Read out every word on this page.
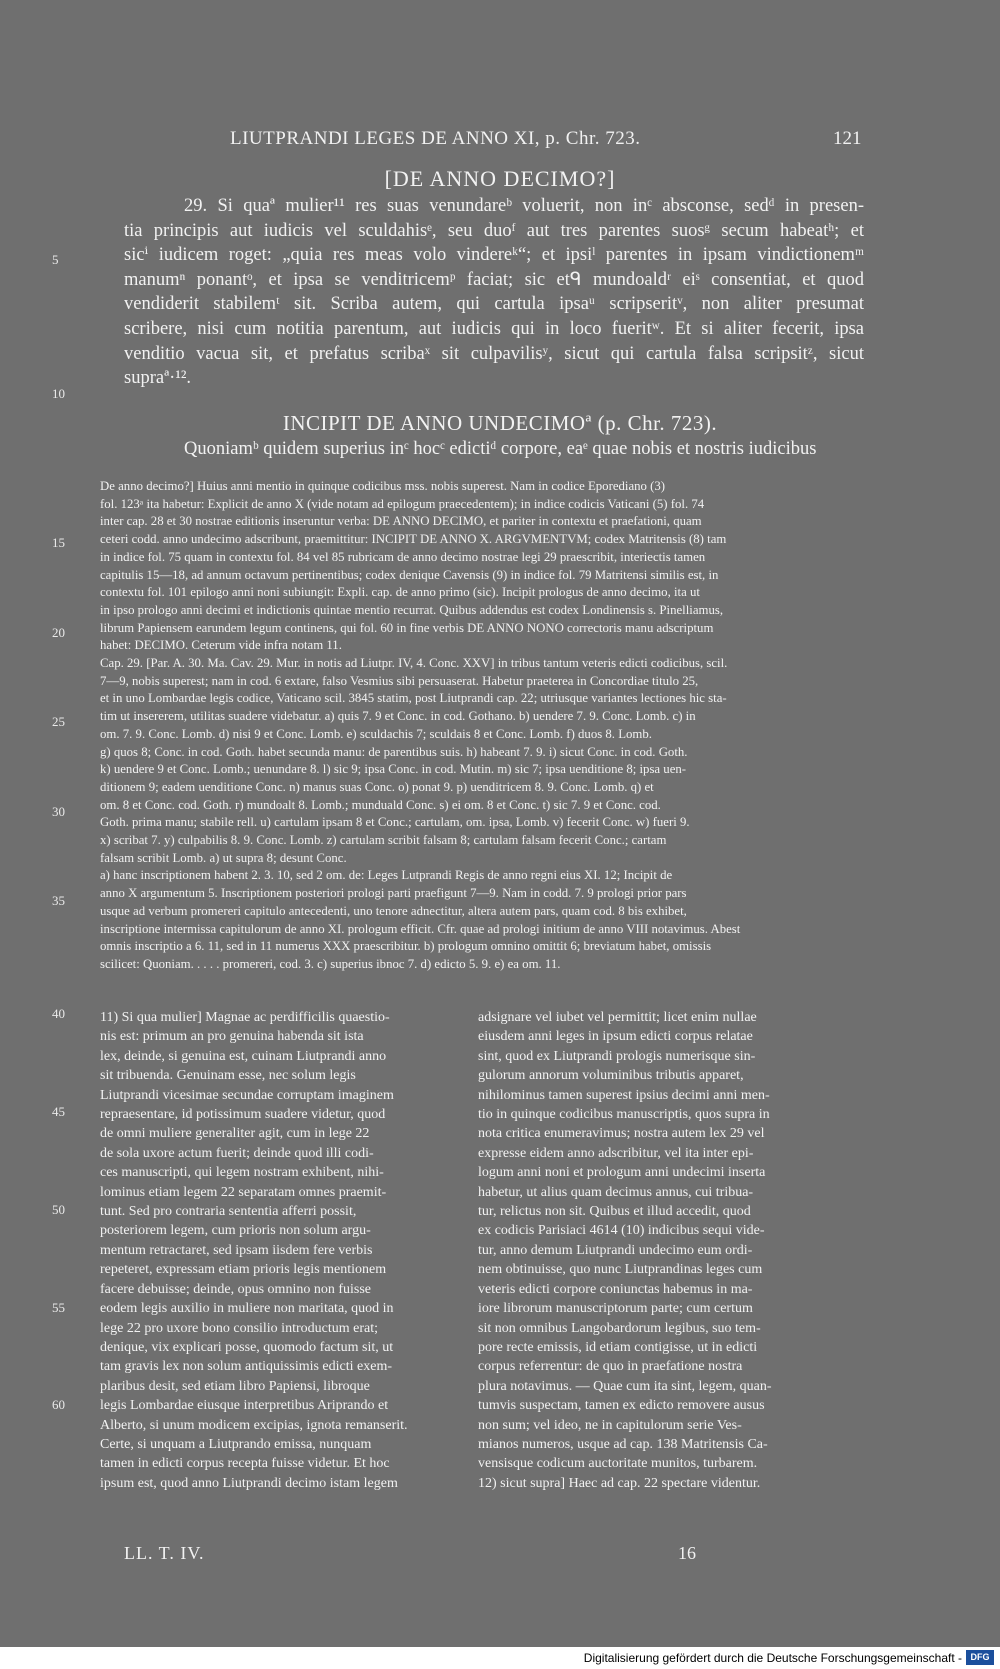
LIUTPRANDI LEGES DE ANNO XI, p. Chr. 723.	121
[DE ANNO DECIMO?]
29. Si quaª mulier¹¹ res suas venundareᵇ voluerit, non inᶜ absconse, sedᵈ in presen-
tia principis aut iudicis vel sculdahisᵉ, seu duoᶠ aut tres parentes suosᵍ secum habeatʰ; et
sicⁱ iudicem roget: „quia res meas volo vindereᵏ“; et ipsiˡ parentes in ipsam vindictionemᵐ
manumⁿ ponantᵒ, et ipsa se venditricemᵖ faciat; sic etᑫ mundoaldʳ eiˢ consentiat, et quod
vendiderit stabilemᵗ sit. Scriba autem, qui cartula ipsaᵘ scripseritᵛ, non aliter presumat
scribere, nisi cum notitia parentum, aut iudicis qui in loco fueritʷ. Et si aliter fecerit, ipsa
venditio vacua sit, et prefatus scribaˣ sit culpavilisʸ, sicut qui cartula falsa scripsitᶻ, sicut
supraª·¹².
5
10
INCIPIT DE ANNO UNDECIMOª (p. Chr. 723).
Quoniamᵇ quidem superius inᶜ hocᶜ edictiᵈ corpore, eaᵉ quae nobis et nostris iudicibus
De anno decimo?] Huius anni mentio in quinque codicibus mss. nobis superest. Nam in codice Eporediano (3)
fol. 123ᵃ ita habetur: Explicit de anno X (vide notam ad epilogum praecedentem); in indice codicis Vaticani (5) fol. 74
inter cap. 28 et 30 nostrae editionis inseruntur verba: DE ANNO DECIMO, et pariter in contextu et praefationi, quam
ceteri codd. anno undecimo adscribunt, praemittitur: INCIPIT DE ANNO X. ARGVMENTVM; codex Matritensis (8) tam
in indice fol. 75 quam in contextu fol. 84 vel 85 rubricam de anno decimo nostrae legi 29 praescribit, interiectis tamen
capitulis 15—18, ad annum octavum pertinentibus; codex denique Cavensis (9) in indice fol. 79 Matritensi similis est, in
contextu fol. 101 epilogo anni noni subiungit: Expli. cap. de anno primo (sic). Incipit prologus de anno decimo, ita ut
in ipso prologo anni decimi et indictionis quintae mentio recurrat. Quibus addendus est codex Londinensis s. Pinelliamus,
librum Papiensem earundem legum continens, qui fol. 60 in fine verbis DE ANNO NONO correctoris manu adscriptum
habet: DECIMO. Ceterum vide infra notam 11.
Cap. 29. [Par. A. 30. Ma. Cav. 29. Mur. in notis ad Liutpr. IV, 4. Conc. XXV] in tribus tantum veteris edicti codicibus, scil.
7—9, nobis superest; nam in cod. 6 extare, falso Vesmius sibi persuaserat. Habetur praeterea in Concordiae titulo 25,
et in uno Lombardae legis codice, Vaticano scil. 3845 statim, post Liutprandi cap. 22; utriusque variantes lectiones hic sta-
tim ut insererem, utilitas suadere videbatur. a) quis 7. 9 et Conc. in cod. Gothano. b) uendere 7. 9. Conc. Lomb. c) in
om. 7. 9. Conc. Lomb. d) nisi 9 et Conc. Lomb. e) sculdachis 7; sculdais 8 et Conc. Lomb. f) duos 8. Lomb.
g) quos 8; Conc. in cod. Goth. habet secunda manu: de parentibus suis. h) habeant 7. 9. i) sicut Conc. in cod. Goth.
k) uendere 9 et Conc. Lomb.; uenundare 8. l) sic 9; ipsa Conc. in cod. Mutin. m) sic 7; ipsa uenditione 8; ipsa uen-
ditionem 9; eadem uenditione Conc. n) manus suas Conc. o) ponat 9. p) uenditricem 8. 9. Conc. Lomb. q) et
om. 8 et Conc. cod. Goth. r) mundoalt 8. Lomb.; munduald Conc. s) ei om. 8 et Conc. t) sic 7. 9 et Conc. cod.
Goth. prima manu; stabile rell. u) cartulam ipsam 8 et Conc.; cartulam, om. ipsa, Lomb. v) fecerit Conc. w) fueri 9.
x) scribat 7. y) culpabilis 8. 9. Conc. Lomb. z) cartulam scribit falsam 8; cartulam falsam fecerit Conc.; cartam
falsam scribit Lomb. a) ut supra 8; desunt Conc.
a) hanc inscriptionem habent 2. 3. 10, sed 2 om. de: Leges Lutprandi Regis de anno regni eius XI. 12; Incipit de
anno X argumentum 5. Inscriptionem posteriori prologi parti praefigunt 7—9. Nam in codd. 7. 9 prologi prior pars
usque ad verbum promereri capitulo antecedenti, uno tenore adnectitur, altera autem pars, quam cod. 8 bis exhibet,
inscriptione intermissa capitulorum de anno XI. prologum efficit. Cfr. quae ad prologi initium de anno VIII notavimus. Abest
omnis inscriptio a 6. 11, sed in 11 numerus XXX praescribitur. b) prologum omnino omittit 6; breviatum habet, omissis
scilicet: Quoniam. . . . . promereri, cod. 3. c) superius ibnoc 7. d) edicto 5. 9. e) ea om. 11.
15
20
25
30
35
11) Si qua mulier] Magnae ac perdifficilis quaestio-
nis est: primum an pro genuina habenda sit ista
lex, deinde, si genuina est, cuinam Liutprandi anno
sit tribuenda. Genuinam esse, nec solum legis
Liutprandi vicesimae secundae corruptam imaginem
repraesentare, id potissimum suadere videtur, quod
de omni muliere generaliter agit, cum in lege 22
de sola uxore actum fuerit; deinde quod illi codi-
ces manuscripti, qui legem nostram exhibent, nihi-
lominus etiam legem 22 separatam omnes praemit-
tunt. Sed pro contraria sententia afferri possit,
posteriorem legem, cum prioris non solum argu-
mentum retractaret, sed ipsam iisdem fere verbis
repeteret, expressam etiam prioris legis mentionem
facere debuisse; deinde, opus omnino non fuisse
eodem legis auxilio in muliere non maritata, quod in
lege 22 pro uxore bono consilio introductum erat;
denique, vix explicari posse, quomodo factum sit, ut
tam gravis lex non solum antiquissimis edicti exem-
plaribus desit, sed etiam libro Papiensi, libroque
legis Lombardae eiusque interpretibus Ariprando et
Alberto, si unum modicem excipias, ignota remanserit.
Certe, si unquam a Liutprando emissa, nunquam
tamen in edicti corpus recepta fuisse videtur. Et hoc
ipsum est, quod anno Liutprandi decimo istam legem
adsignare vel iubet vel permittit; licet enim nullae
eiusdem anni leges in ipsum edicti corpus relatae
sint, quod ex Liutprandi prologis numerisque sin-
gulorum annorum voluminibus tributis apparet,
nihilominus tamen superest ipsius decimi anni men-
tio in quinque codicibus manuscriptis, quos supra in
nota critica enumeravimus; nostra autem lex 29 vel
expresse eidem anno adscribitur, vel ita inter epi-
logum anni noni et prologum anni undecimi inserta
habetur, ut alius quam decimus annus, cui tribua-
tur, relictus non sit. Quibus et illud accedit, quod
ex codicis Parisiaci 4614 (10) indicibus sequi vide-
tur, anno demum Liutprandi undecimo eum ordi-
nem obtinuisse, quo nunc Liutprandinas leges cum
veteris edicti corpore coniunctas habemus in ma-
iore librorum manuscriptorum parte; cum certum
sit non omnibus Langobardorum legibus, suo tem-
pore recte emissis, id etiam contigisse, ut in edicti
corpus referrentur: de quo in praefatione nostra
plura notavimus. — Quae cum ita sint, legem, quan-
tumvis suspectam, tamen ex edicto removere ausus
non sum; vel ideo, ne in capitulorum serie Ves-
mianos numeros, usque ad cap. 138 Matritensis Ca-
vensisque codicum auctoritate munitos, turbarem.
12) sicut supra] Haec ad cap. 22 spectare videntur.
40
45
50
55
60
LL. T. IV.	16
Digitalisierung gefördert durch die Deutsche Forschungsgemeinschaft - DFG
